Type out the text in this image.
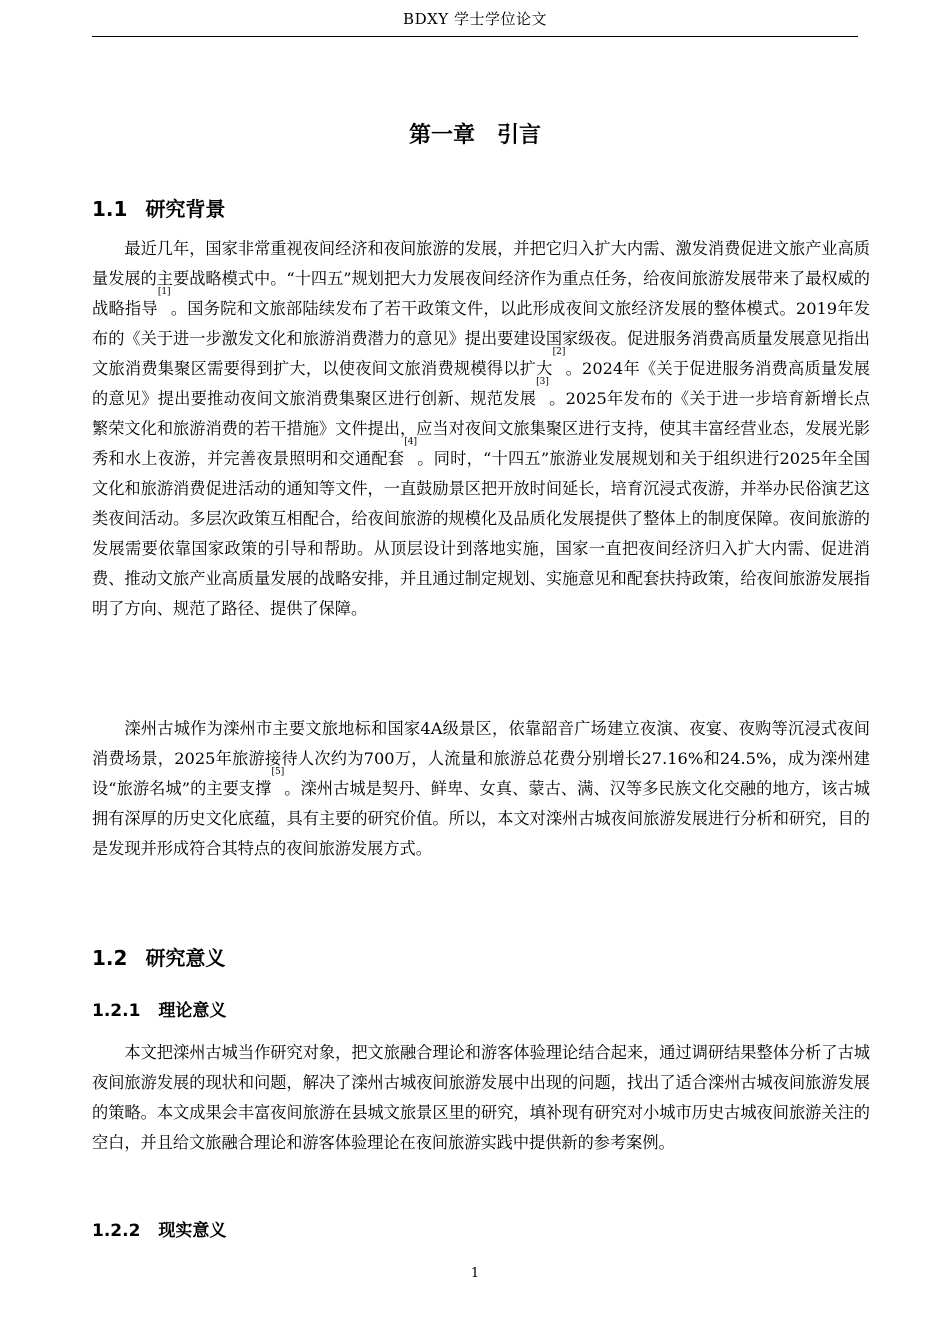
BDXY 学士学位论文
第一章　引言
1.1 研究背景

最近几年，国家非常重视夜间经济和夜间旅游的发展，并把它归入扩大内需、激发消费促进文旅产业高质量发展的主要战略模式中。“十四五”规划把大力发展夜间经济作为重点任务，给夜间旅游发展带来了最权威的战略指导[1]。国务院和文旅部陆续发布了若干政策文件，以此形成夜间文旅经济发展的整体模式。2019年发布的《关于进一步激发文化和旅游消费潜力的意见》提出要建设国家级夜。促进服务消费高质量发展意见指出文旅消费集聚区需要得到扩大，以使夜间文旅消费规模得以扩大[2]。2024年《关于促进服务消费高质量发展的意见》提出要推动夜间文旅消费集聚区进行创新、规范发展[3]。2025年发布的《关于进一步培育新增长点繁荣文化和旅游消费的若干措施》文件提出，应当对夜间文旅集聚区进行支持，使其丰富经营业态，发展光影秀和水上夜游，并完善夜景照明和交通配套[4]。同时，“十四五”旅游业发展规划和关于组织进行2025年全国文化和旅游消费促进活动的通知等文件，一直鼓励景区把开放时间延长，培育沉浸式夜游，并举办民俗演艺这类夜间活动。多层次政策互相配合，给夜间旅游的规模化及品质化发展提供了整体上的制度保障。夜间旅游的发展需要依靠国家政策的引导和帮助。从顶层设计到落地实施，国家一直把夜间经济归入扩大内需、促进消费、推动文旅产业高质量发展的战略安排，并且通过制定规划、实施意见和配套扶持政策，给夜间旅游发展指明了方向、规范了路径、提供了保障。

滦州古城作为滦州市主要文旅地标和国家4A级景区，依靠韶音广场建立夜演、夜宴、夜购等沉浸式夜间消费场景，2025年旅游接待人次约为700万，人流量和旅游总花费分别增长27.16%和24.5%，成为滦州建设“旅游名城”的主要支撑[5]。滦州古城是契丹、鲜卑、女真、蒙古、满、汉等多民族文化交融的地方，该古城拥有深厚的历史文化底蕴，具有主要的研究价值。所以，本文对滦州古城夜间旅游发展进行分析和研究，目的是发现并形成符合其特点的夜间旅游发展方式。

1.2 研究意义
1.2.1 理论意义

本文把滦州古城当作研究对象，把文旅融合理论和游客体验理论结合起来，通过调研结果整体分析了古城夜间旅游发展的现状和问题，解决了滦州古城夜间旅游发展中出现的问题，找出了适合滦州古城夜间旅游发展的策略。本文成果会丰富夜间旅游在县城文旅景区里的研究，填补现有研究对小城市历史古城夜间旅游关注的空白，并且给文旅融合理论和游客体验理论在夜间旅游实践中提供新的参考案例。

1.2.2 现实意义
1
